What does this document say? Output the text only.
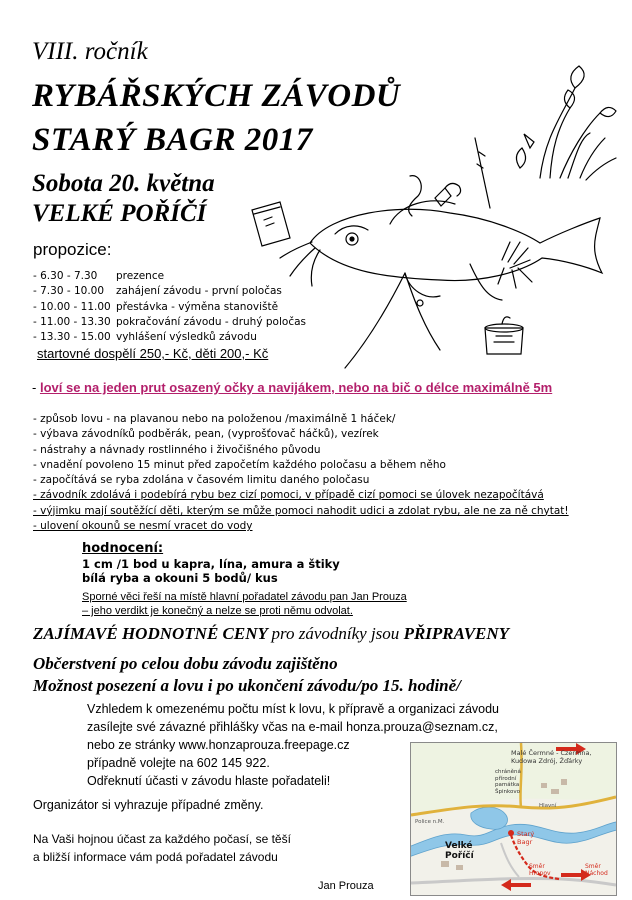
VIII. ročník
RYBÁŘSKÝCH ZÁVODŮ
STARÝ BAGR 2017
Sobota 20. května
VELKÉ POŘÍČÍ
propozice:
- 6.30 - 7.30	prezence
- 7.30 - 10.00	zahájení závodu - první poločas
- 10.00 - 11.00 přestávka - výměna stanoviště
- 11.00 - 13.30 pokračování závodu - druhý poločas
- 13.30 - 15.00 vyhlášení výsledků závodu
startovné dospělí 250,- Kč, děti 200,- Kč
- loví se na jeden prut osazený očky a navijákem, nebo na bič o délce maximálně 5m
- způsob lovu - na plavanou nebo na položenou /maximálně 1 háček/
- výbava závodníků podběrák, pean, (vyprošťovač háčků), vezírek
- nástrahy a návnady rostlinného i živočišného původu
- vnadění povoleno 15 minut před započetím každého poločasu a během něho
- započítává se ryba zdolána v časovém limitu daného poločasu
- závodník zdolává i podebírá rybu bez cizí pomoci, v případě cizí pomoci se úlovek nezapočítává
- výjimku mají soutěžící děti, kterým se může pomoci nahodit udici a zdolat rybu, ale ne za ně chytat!
- ulovení okounů se nesmí vracet do vody
hodnocení:
1 cm /1 bod u kapra, lína, amura a štiky
bílá ryba a okouni 5 bodů/ kus
Sporné věci řeší na místě hlavní pořadatel závodu pan Jan Prouza
– jeho verdikt je konečný a nelze se proti němu odvolat.
ZAJÍMAVÉ HODNOTNÉ CENY pro závodníky jsou PŘIPRAVENY
Občerstvení po celou dobu závodu zajištěno
Možnost posezení a lovu i po ukončení závodu/po 15. hodině/
Vzhledem k omezenému počtu míst k lovu, k přípravě a organizaci závodu
zasílejte své závazné přihlášky včas na e-mail honza.prouza@seznam.cz,
nebo ze stránky www.honzaprouza.freepage.cz
případně volejte na 602 145 922.
Odřeknutí účasti v závodu hlaste pořadateli!
Organizátor si vyhrazuje případné změny.
Na Vaši hojnou účast za každého počasí, se těší
a bližší informace vám podá pořadatel závodu
Jan Prouza
Malé Čermné - Czermna, Kudowa Zdrój, Žďárky
chráněná přírodní památka Špinkovo
Velké Poříčí
Starý Bagr
Směr Hronov
Směr Náchod
Police n.M.
Hlavní
